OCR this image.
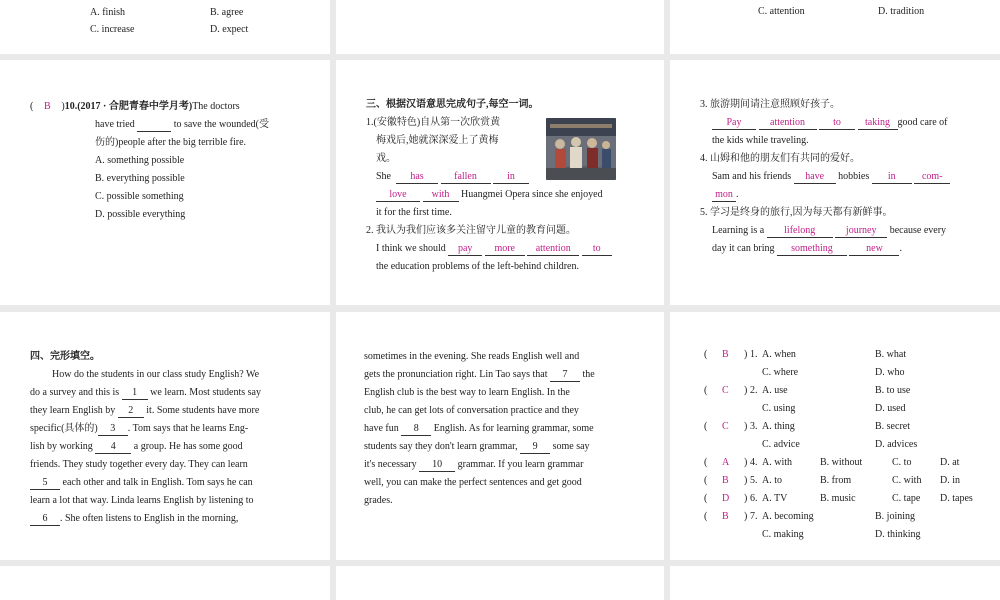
A. finish	B. agree
C. increase	D. expect
C. attention	D. tradition
( B )10.(2017 · 合肥青春中学月考)The doctors
have tried	to save the wounded(受
伤的)people after the big terrible fire.
A. something possible
B. everything possible
C. possible something
D. possible everything
三、根据汉语意思完成句子,每空一词。
1.(安徽特色)自从第一次欣赏黄
梅戏后,她就深深爱上了黄梅
戏。
She has	fallen	in
love	with Huangmei Opera since she enjoyed
it for the first time.
2. 我认为我们应该多关注留守儿童的教育问题。
I think we should pay more attention to
the education problems of the left-behind children.
3. 旅游期间请注意照顾好孩子。
Pay	attention	to taking good care of
the kids while traveling.
4. 山姆和他的朋友们有共同的爱好。
Sam and his friends have hobbies in	com-
mon .
5. 学习是终身的旅行,因为每天都有新鲜事。
Learning is a lifelong	journey because every
day it can bring something	new .
四、完形填空。
How do the students in our class study English? We
do a survey and this is 1 we learn. Most students say
they learn English by 2 it. Some students have more
specific(具体的) 3 . Tom says that he learns Eng-
lish by working 4 a group. He has some good
friends. They study together every day. They can learn
5 each other and talk in English. Tom says he can
learn a lot that way. Linda learns English by listening to
6 . She often listens to English in the morning,
sometimes in the evening. She reads English well and
gets the pronunciation right. Lin Tao says that 7 the
English club is the best way to learn English. In the
club, he can get lots of conversation practice and they
have fun 8 English. As for learning grammar, some
students say they don't learn grammar, 9 some say
it's necessary 10 grammar. If you learn grammar
well, you can make the perfect sentences and get good
grades.
( B ) 1. A. when	B. what
C. where	D. who
( C ) 2. A. use	B. to use
C. using	D. used
( C ) 3. A. thing	B. secret
C. advice	D. advices
( A ) 4. A. with	B. without	C. to	D. at
( B ) 5. A. to	B. from	C. with D. in
( D ) 6. A. TV	B. music	C. tape D. tapes
( B ) 7. A. becoming	B. joining
C. making	D. thinking
